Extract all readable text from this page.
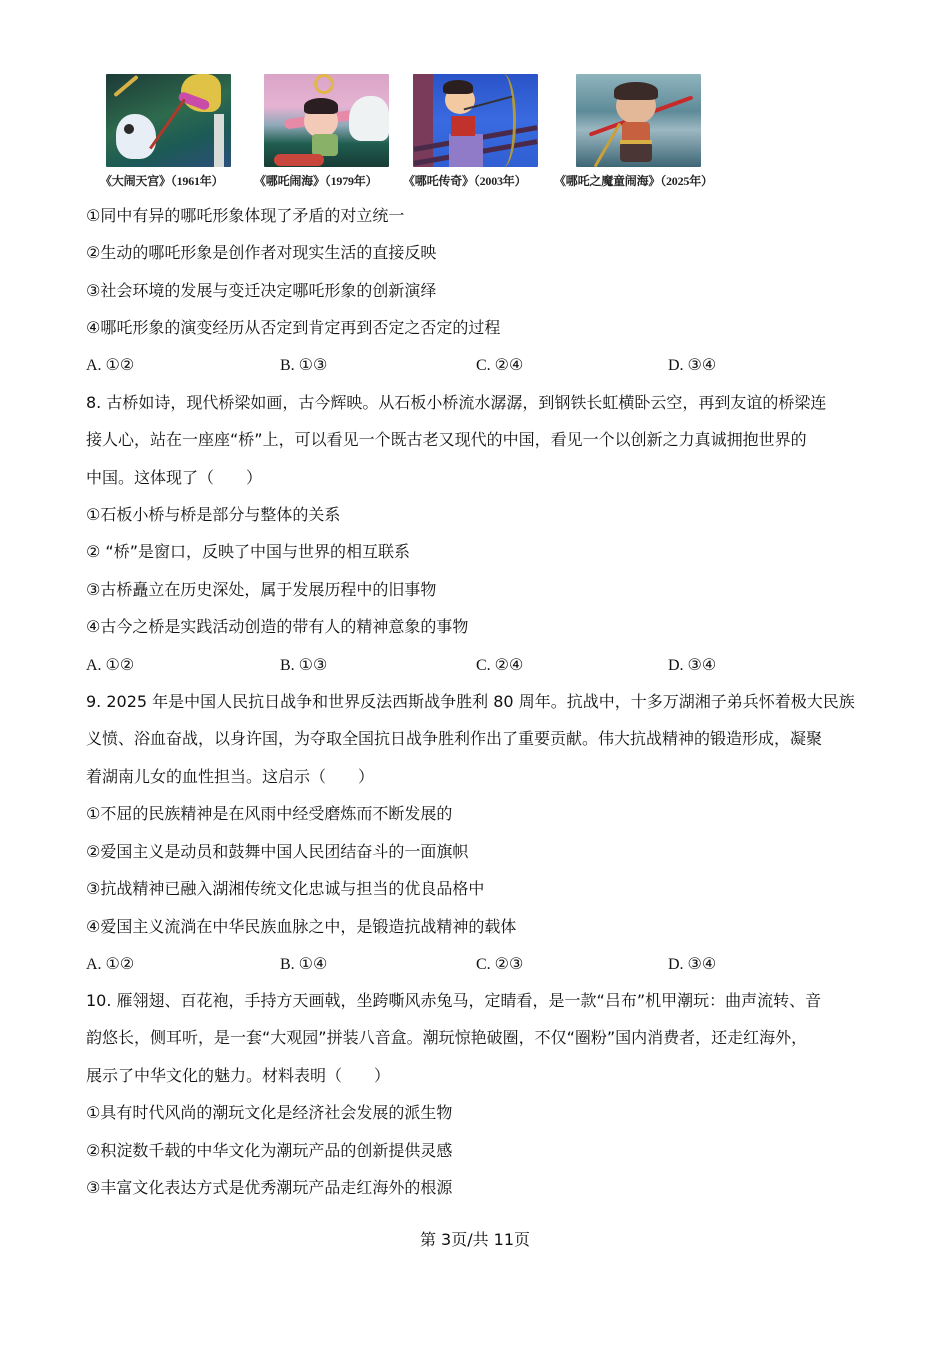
《大闹天宫》（1961年）	《哪吒闹海》（1979年） 《哪吒传奇》（2003年） 《哪吒之魔童闹海》（2025年）
①同中有异的哪吒形象体现了矛盾的对立统一
②生动的哪吒形象是创作者对现实生活的直接反映
③社会环境的发展与变迁决定哪吒形象的创新演绎
④哪吒形象的演变经历从否定到肯定再到否定之否定的过程
A. ①②	B. ①③	C. ②④	D. ③④
8. 古桥如诗，现代桥梁如画，古今辉映。从石板小桥流水潺潺，到钢铁长虹横卧云空，再到友谊的桥梁连
接人心，站在一座座“桥”上，可以看见一个既古老又现代的中国，看见一个以创新之力真诚拥抱世界的
中国。这体现了（　　）
①石板小桥与桥是部分与整体的关系
② “桥”是窗口，反映了中国与世界的相互联系
③古桥矗立在历史深处，属于发展历程中的旧事物
④古今之桥是实践活动创造的带有人的精神意象的事物
A. ①②	B. ①③	C. ②④	D. ③④
9. 2025 年是中国人民抗日战争和世界反法西斯战争胜利 80 周年。抗战中，十多万湖湘子弟兵怀着极大民族
义愤、浴血奋战，以身许国，为夺取全国抗日战争胜利作出了重要贡献。伟大抗战精神的锻造形成，凝聚
着湖南儿女的血性担当。这启示（　　）
①不屈的民族精神是在风雨中经受磨炼而不断发展的
②爱国主义是动员和鼓舞中国人民团结奋斗的一面旗帜
③抗战精神已融入湖湘传统文化忠诚与担当的优良品格中
④爱国主义流淌在中华民族血脉之中，是锻造抗战精神的载体
A. ①②	B. ①④	C. ②③	D. ③④
10. 雁翎翅、百花袍，手持方天画戟，坐跨嘶风赤兔马，定睛看，是一款“吕布”机甲潮玩：曲声流转、音
韵悠长，侧耳听，是一套“大观园”拼装八音盒。潮玩惊艳破圈，不仅“圈粉”国内消费者，还走红海外，
展示了中华文化的魅力。材料表明（　　）
①具有时代风尚的潮玩文化是经济社会发展的派生物
②积淀数千载的中华文化为潮玩产品的创新提供灵感
③丰富文化表达方式是优秀潮玩产品走红海外的根源
第 3页/共 11页
